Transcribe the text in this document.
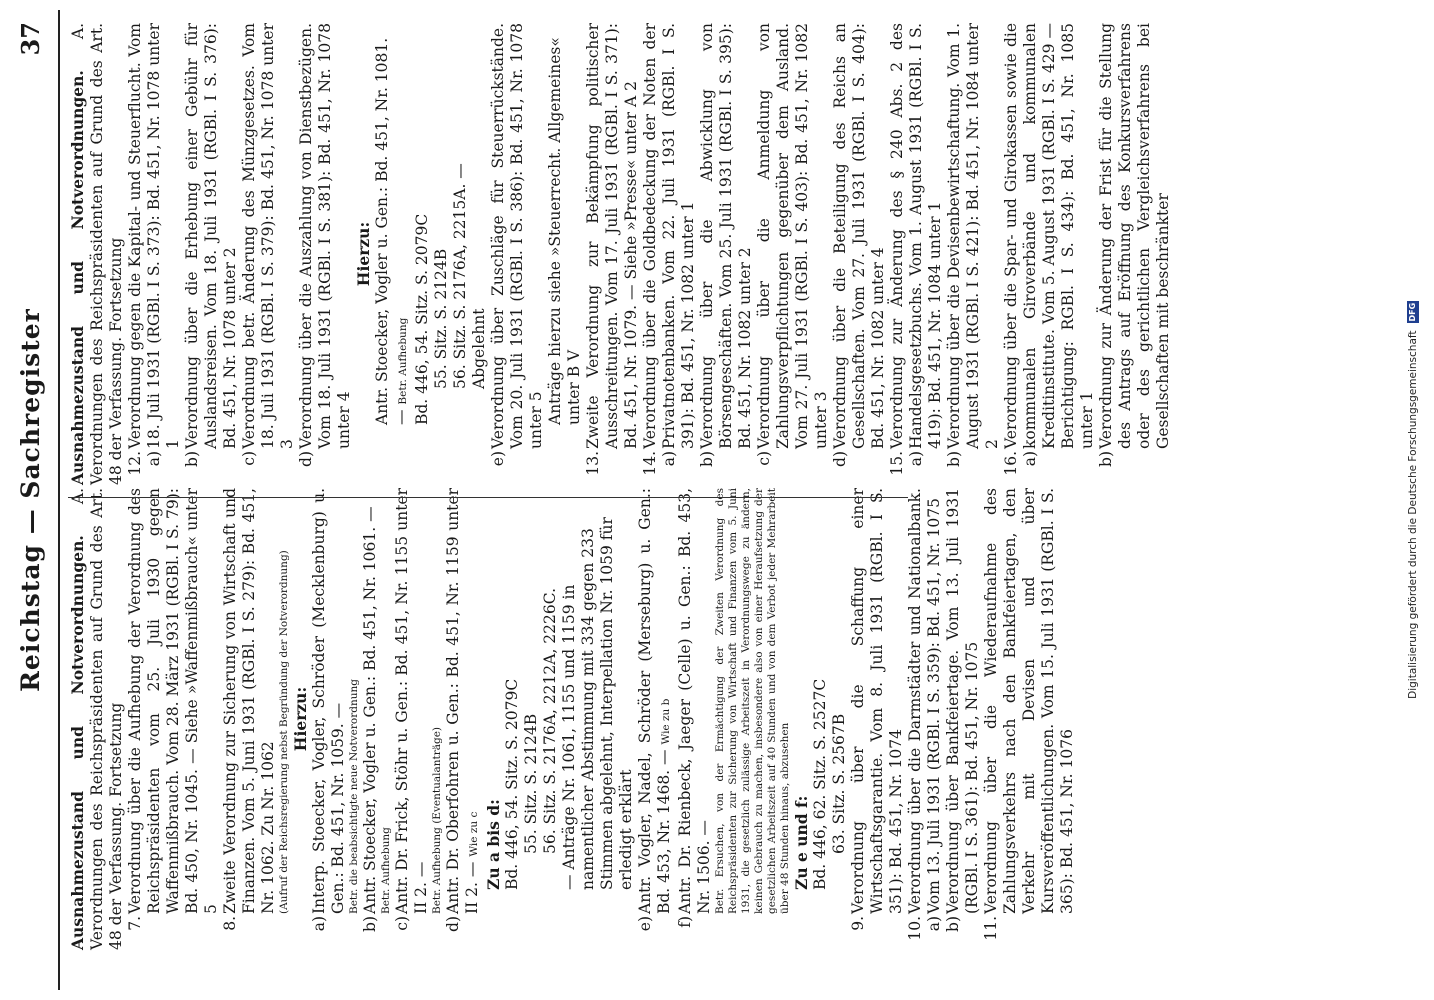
Reichstag — Sachregister
37
Ausnahmezustand und Notverordnungen. A. Verordnungen des Reichspräsidenten auf Grund des Art. 48 der Verfassung. Fortsetzung 7.
Verordnung über die Aufhebung der Verordnung des Reichspräsidenten vom 25. Juli 1930 gegen Waffenmißbrauch. Vom 28. März 1931 (RGBl. I S. 79): Bd. 450, Nr. 1045. — Siehe »Waffenmißbrauch« unter 5
8.
Zweite Verordnung zur Sicherung von Wirtschaft und Finanzen. Vom 5. Juni 1931 (RGBl. I S. 279): Bd. 451, Nr. 1062. Zu Nr. 1062 (Aufruf der Reichsregierung nebst Begründung der Notverordnung) Hierzu:
a)
Interp. Stoecker, Vogler, Schröder (Mecklenburg) u. Gen.: Bd. 451, Nr. 1059. — Betr. die beabsichtigte neue Notverordnung
b)
Antr. Stoecker, Vogler u. Gen.: Bd. 451, Nr. 1061. — Betr. Aufhebung
c)
Antr. Dr. Frick, Stöhr u. Gen.: Bd. 451, Nr. 1155 unter II 2. — Betr. Aufhebung (Eventualanträge)
d)
Antr. Dr. Oberfohren u. Gen.: Bd. 451, Nr. 1159 unter II 2. — Wie zu c Zu a bis d: Bd. 446, 54. Sitz. S. 2079C 55. Sitz. S. 2124B 56. Sitz. S. 2176A, 2212A, 2226C. — Anträge Nr. 1061, 1155 und 1159 in namentlicher Abstimmung mit 334 gegen 233 Stimmen abgelehnt, Interpellation Nr. 1059 für erledigt erklärt
e)
Antr. Vogler, Nadel, Schröder (Merseburg) u. Gen.: Bd. 453, Nr. 1468. — Wie zu b
f)
Antr. Dr. Rienbeck, Jaeger (Celle) u. Gen.: Bd. 453, Nr. 1506. — Betr. Ersuchen, von der Ermächtigung der Zweiten Verordnung des Reichspräsidenten zur Sicherung von Wirtschaft und Finanzen vom 5. Juni 1931, die gesetzlich zulässige Arbeitszeit in Verordnungswege zu ändern, keinen Gebrauch zu machen, insbesondere also von einer Heraufsetzung der gesetzlichen Arbeitszeit auf 40 Stunden und von dem Verbot jeder Mehrarbeit über 48 Stunden hinaus, abzusehen Zu e und f: Bd. 446, 62. Sitz. S. 2527C 63. Sitz. S. 2567B
9.
Verordnung über die Schaffung einer Wirtschaftsgarantie. Vom 8. Juli 1931 (RGBl. I S. 351): Bd. 451, Nr. 1074
10. a)
Verordnung über die Darmstädter und Nationalbank. Vom 13. Juli 1931 (RGBl. I S. 359): Bd. 451, Nr. 1075
b)
Verordnung über Bankfeiertage. Vom 13. Juli 1931 (RGBl. I S. 361): Bd. 451, Nr. 1075
11.
Verordnung über die Wiederaufnahme des Zahlungsverkehrs nach den Bankfeiertagen, den Verkehr mit Devisen und über Kursveröffentlichungen. Vom 15. Juli 1931 (RGBl. I S. 365): Bd. 451, Nr. 1076
Ausnahmezustand und Notverordnungen. A. Verordnungen des Reichspräsidenten auf Grund des Art. 48 der Verfassung. Fortsetzung 12. a)
Verordnung gegen die Kapital- und Steuerflucht. Vom 18. Juli 1931 (RGBl. I S. 373): Bd. 451, Nr. 1078 unter 1
b)
Verordnung über die Erhebung einer Gebühr für Auslandsreisen. Vom 18. Juli 1931 (RGBl. I S. 376): Bd. 451, Nr. 1078 unter 2
c)
Verordnung betr. Änderung des Münzgesetzes. Vom 18. Juli 1931 (RGBl. I S. 379): Bd. 451, Nr. 1078 unter 3
d)
Verordnung über die Auszahlung von Dienstbezügen. Vom 18. Juli 1931 (RGBl. I S. 381): Bd. 451, Nr. 1078 unter 4
Hierzu: Antr. Stoecker, Vogler u. Gen.: Bd. 451, Nr. 1081. — Betr. Aufhebung Bd. 446, 54. Sitz. S. 2079C 55. Sitz. S. 2124B 56. Sitz. S. 2176A, 2215A. — Abgelehnt
e)
Verordnung über Zuschläge für Steuerrückstände. Vom 20. Juli 1931 (RGBl. I S. 386): Bd. 451, Nr. 1078 unter 5 Anträge hierzu siehe »Steuerrecht. Allgemeines« unter B V
13.
Zweite Verordnung zur Bekämpfung politischer Ausschreitungen. Vom 17. Juli 1931 (RGBl. I S. 371): Bd. 451, Nr. 1079. — Siehe »Presse« unter A 2
14. a)
Verordnung über die Goldbedeckung der Noten der Privatnotenbanken. Vom 22. Juli 1931 (RGBl. I S. 391): Bd. 451, Nr. 1082 unter 1
b)
Verordnung über die Abwicklung von Börsengeschäften. Vom 25. Juli 1931 (RGBl. I S. 395): Bd. 451, Nr. 1082 unter 2
c)
Verordnung über die Anmeldung von Zahlungsverpflichtungen gegenüber dem Ausland. Vom 27. Juli 1931 (RGBl. I S. 403): Bd. 451, Nr. 1082 unter 3
d)
Verordnung über die Beteiligung des Reichs an Gesellschaften. Vom 27. Juli 1931 (RGBl. I S. 404): Bd. 451, Nr. 1082 unter 4
15. a)
Verordnung zur Änderung des § 240 Abs. 2 des Handelsgesetzbuchs. Vom 1. August 1931 (RGBl. I S. 419): Bd. 451, Nr. 1084 unter 1
b)
Verordnung über die Devisenbewirtschaftung. Vom 1. August 1931 (RGBl. I S. 421): Bd. 451, Nr. 1084 unter 2
16. a)
Verordnung über die Spar- und Girokassen sowie die kommunalen Giroverbände und kommunalen Kreditinstitute. Vom 5. August 1931 (RGBl. I S. 429 — Berichtigung: RGBl. I S. 434): Bd. 451, Nr. 1085 unter 1
b)
Verordnung zur Änderung der Frist für die Stellung des Antrags auf Eröffnung des Konkursverfahrens oder des gerichtlichen Vergleichsverfahrens bei Gesellschaften mit beschränkter
Digitalisierung gefördert durch die Deutsche Forschungsgemeinschaft DFG
